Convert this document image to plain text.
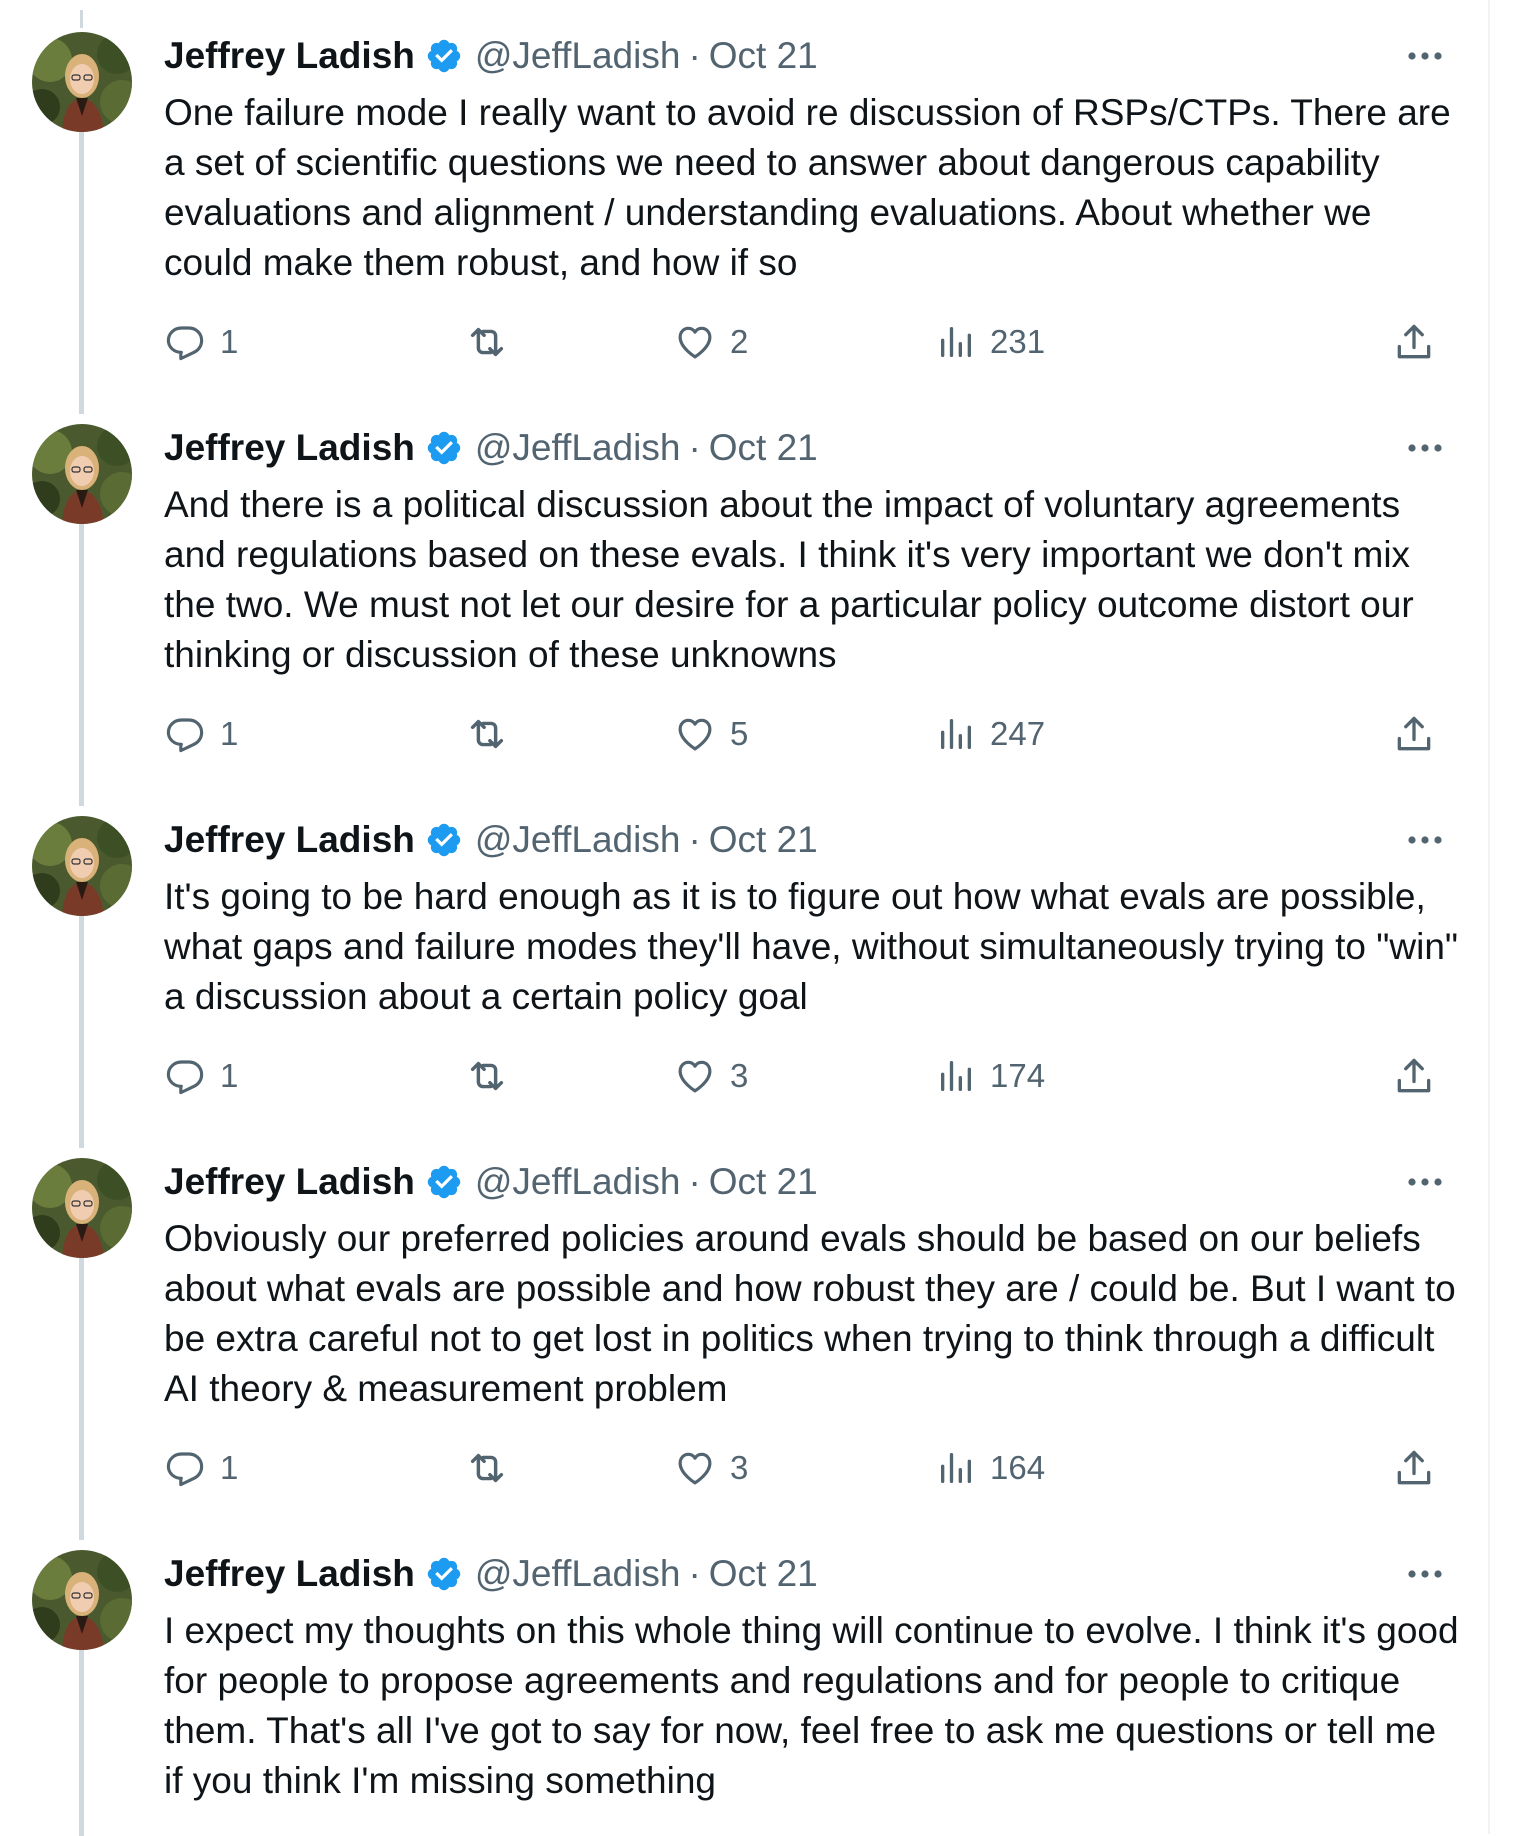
Jeffrey Ladish @JeffLadish · Oct 21
One failure mode I really want to avoid re discussion of RSPs/CTPs. There are a set of scientific questions we need to answer about dangerous capability evaluations and alignment / understanding evaluations. About whether we could make them robust, and how if so
1	2	231
Jeffrey Ladish @JeffLadish · Oct 21
And there is a political discussion about the impact of voluntary agreements and regulations based on these evals. I think it's very important we don't mix the two. We must not let our desire for a particular policy outcome distort our thinking or discussion of these unknowns
1	5	247
Jeffrey Ladish @JeffLadish · Oct 21
It's going to be hard enough as it is to figure out how what evals are possible, what gaps and failure modes they'll have, without simultaneously trying to "win" a discussion about a certain policy goal
1	3	174
Jeffrey Ladish @JeffLadish · Oct 21
Obviously our preferred policies around evals should be based on our beliefs about what evals are possible and how robust they are / could be. But I want to be extra careful not to get lost in politics when trying to think through a difficult AI theory & measurement problem
1	3	164
Jeffrey Ladish @JeffLadish · Oct 21
I expect my thoughts on this whole thing will continue to evolve. I think it's good for people to propose agreements and regulations and for people to critique them. That's all I've got to say for now, feel free to ask me questions or tell me if you think I'm missing something
